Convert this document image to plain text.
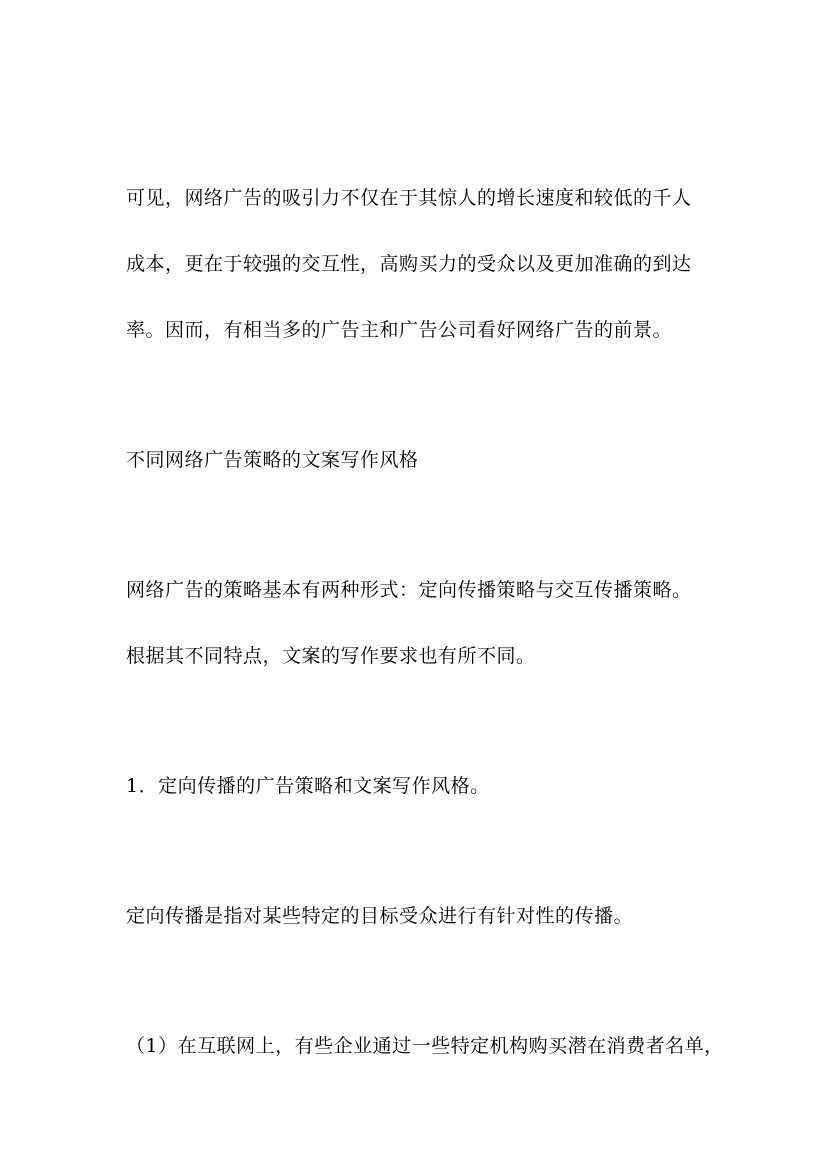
可见，网络广告的吸引力不仅在于其惊人的增长速度和较低的千人
成本，更在于较强的交互性，高购买力的受众以及更加准确的到达
率。因而，有相当多的广告主和广告公司看好网络广告的前景。
不同网络广告策略的文案写作风格
网络广告的策略基本有两种形式：定向传播策略与交互传播策略。
根据其不同特点，文案的写作要求也有所不同。
1．定向传播的广告策略和文案写作风格。
定向传播是指对某些特定的目标受众进行有针对性的传播。
（1）在互联网上，有些企业通过一些特定机构购买潜在消费者名单，
